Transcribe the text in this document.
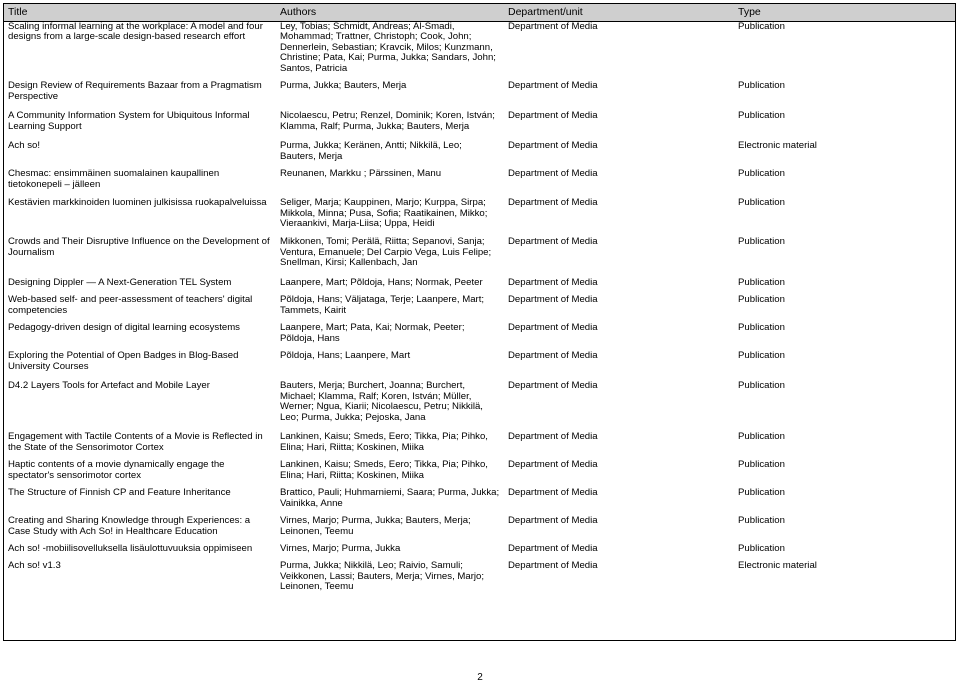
Title	Authors	Department/unit	Type
Scaling informal learning at the workplace: A model and four designs from a large-scale design-based research effort	Ley, Tobias; Schmidt, Andreas; Al-Smadi, Mohammad; Trattner, Christoph; Cook, John; Dennerlein, Sebastian; Kravcik, Milos; Kunzmann, Christine; Pata, Kai; Purma, Jukka; Sandars, John; Santos, Patricia	Department of Media	Publication
Design Review of Requirements Bazaar from a Pragmatism Perspective	Purma, Jukka; Bauters, Merja	Department of Media	Publication
A Community Information System for Ubiquitous Informal Learning Support	Nicolaescu, Petru; Renzel, Dominik; Koren, István; Klamma, Ralf; Purma, Jukka; Bauters, Merja	Department of Media	Publication
Ach so!	Purma, Jukka; Keränen, Antti; Nikkilä, Leo; Bauters, Merja	Department of Media	Electronic material
Chesmac: ensimmäinen suomalainen kaupallinen tietokonepeli – jälleen	Reunanen, Markku ; Pärssinen, Manu	Department of Media	Publication
Kestävien markkinoiden luominen julkisissa ruokapalveluissa	Seliger, Marja; Kauppinen, Marjo; Kurppa, Sirpa; Mikkola, Minna; Pusa, Sofia; Raatikainen, Mikko; Vieraankivi, Marja-Liisa; Uppa, Heidi	Department of Media	Publication
Crowds and Their Disruptive Influence on the Development of Journalism	Mikkonen, Tomi; Perälä, Riitta; Šepanovi, Sanja; Ventura, Emanuele; Del Carpio Vega, Luis Felipe; Snellman, Kirsi; Kallenbach, Jan	Department of Media	Publication
Designing Dippler — A Next-Generation TEL System	Laanpere, Mart; Põldoja, Hans; Normak, Peeter	Department of Media	Publication
Web-based self- and peer-assessment of teachers' digital competencies	Põldoja, Hans; Väljataga, Terje; Laanpere, Mart; Tammets, Kairit	Department of Media	Publication
Pedagogy-driven design of digital learning ecosystems	Laanpere, Mart; Pata, Kai; Normak, Peeter; Põldoja, Hans	Department of Media	Publication
Exploring the Potential of Open Badges in Blog-Based University Courses	Põldoja, Hans; Laanpere, Mart	Department of Media	Publication
D4.2 Layers Tools for Artefact and Mobile Layer	Bauters, Merja; Burchert, Joanna; Burchert, Michael; Klamma, Ralf; Koren, István; Müller, Werner; Ngua, Kiarii; Nicolaescu, Petru; Nikkilä, Leo; Purma, Jukka; Pejoska, Jana	Department of Media	Publication
Engagement with Tactile Contents of a Movie is Reflected in the State of the Sensorimotor Cortex	Lankinen, Kaisu; Smeds, Eero; Tikka, Pia; Pihko, Elina; Hari, Riitta; Koskinen, Miika	Department of Media	Publication
Haptic contents of a movie dynamically engage the spectator's sensorimotor cortex	Lankinen, Kaisu; Smeds, Eero; Tikka, Pia; Pihko, Elina; Hari, Riitta; Koskinen, Miika	Department of Media	Publication
The Structure of Finnish CP and Feature Inheritance	Brattico, Pauli; Huhmarniemi, Saara; Purma, Jukka; Vainikka, Anne	Department of Media	Publication
Creating and Sharing Knowledge through Experiences: a Case Study with Ach So! in Healthcare Education	Virnes, Marjo; Purma, Jukka; Bauters, Merja; Leinonen, Teemu	Department of Media	Publication
Ach so! -mobiilisovelluksella lisäulottuvuuksia oppimiseen	Virnes, Marjo; Purma, Jukka	Department of Media	Publication
Ach so! v1.3	Purma, Jukka; Nikkilä, Leo; Raivio, Samuli; Veikkonen, Lassi; Bauters, Merja; Virnes, Marjo; Leinonen, Teemu	Department of Media	Electronic material
2
